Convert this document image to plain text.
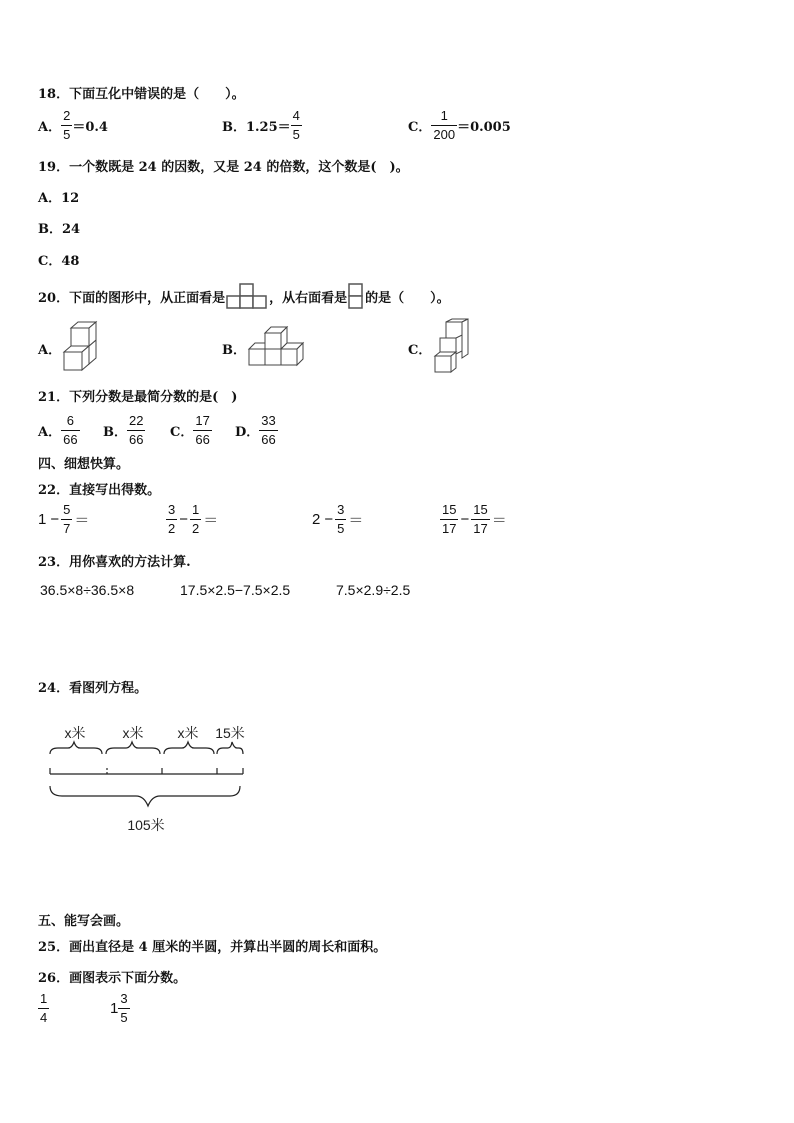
18．下面互化中错误的是（　　）。
A． $\frac{2}{5} =0.4$	B．$1.25= \frac{4}{5}$	C． $\frac{1}{200} =0.005$
19．一个数既是 24 的因数，又是 24 的倍数，这个数是(　)。
A．12
B．24
C．48
20．下面的图形中，从正面看是	，从右面看是 的是（　　）。
A．	B．	C．
21．下列分数是最简分数的是(　)
A． $\frac{6}{66}$ B． $\frac{22}{66}$ C． $\frac{17}{66}$ D． $\frac{33}{66}$
四、细想快算。
22．直接写出得数。
$1 - \frac{5}{7}$ ＝	$\frac{3}{2} - \frac{1}{2}$ ＝	$2 - \frac{3}{5}$ ＝	$\frac{15}{17} - \frac{15}{17}$ ＝
23．用你喜欢的方法计算.
36.5×8÷36.5×8	17.5×2.5−7.5×2.5	7.5×2.9÷2.5
24．看图列方程。
x米	x米 x米 15米
105米
五、能写会画。
25．画出直径是 4 厘米的半圆，并算出半圆的周长和面积。
26．画图表示下面分数。
$\frac{1}{4}$	$1 \frac{3}{5}$
